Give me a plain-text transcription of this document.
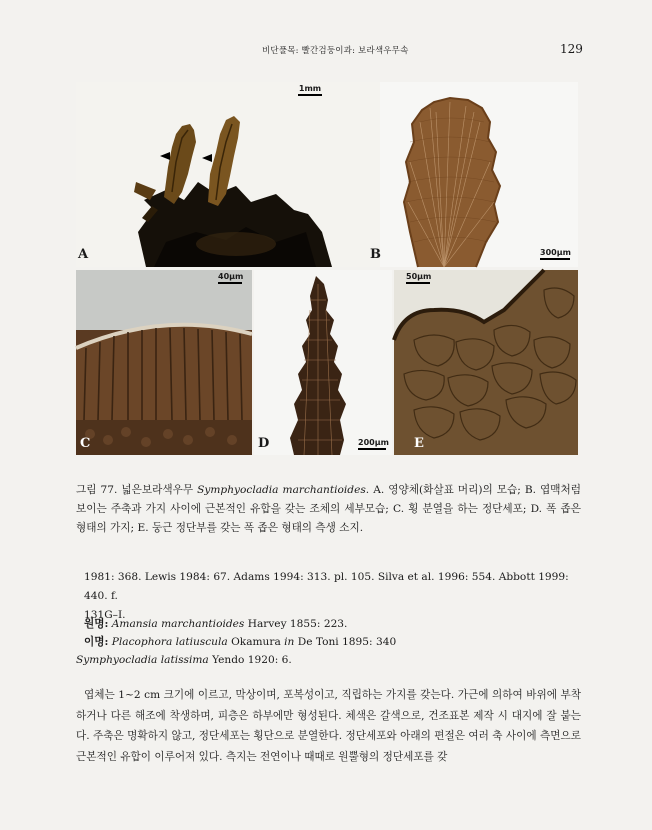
비단풀목: 빨간검둥이과: 보라색우무속	129
A
1mm
B	300μm
C
40μm
D	200μm E
50μm
그림 77. 넓은보라색우무 Symphyocladia marchantioides. A. 영양체(화살표 머리)의 모습; B. 엽맥처럼 보이는 주축과 가지 사이에 근본적인 유합을 갖는 조체의 세부모습; C. 횡 분열을 하는 정단세포; D. 폭 좁은 형태의 가지; E. 둥근 정단부를 갖는 폭 좁은 형태의 측생 소지.
1981: 368. Lewis 1984: 67. Adams 1994: 313. pl. 105. Silva et al. 1996: 554. Abbott 1999: 440. f.
131G–I.
원명: Amansia marchantioides Harvey 1855: 223.
이명: Placophora latiuscula Okamura in De Toni 1895: 340
Symphyocladia latissima Yendo 1920: 6.
엽체는 1~2 cm 크기에 이르고, 막상이며, 포복성이고, 직립하는 가지를 갖는다. 가근에 의하여 바위에 부착하거나 다른 해조에 착생하며, 피층은 하부에만 형성된다. 체색은 갈색으로, 건조표본 제작 시 대지에 잘 붙는다. 주축은 명확하지 않고, 정단세포는 횡단으로 분열한다. 정단세포와 아래의 편절은 여러 축 사이에 측면으로 근본적인 유합이 이루어져 있다. 측지는 전연이나 때때로 원뿔형의 정단세포를 갖
